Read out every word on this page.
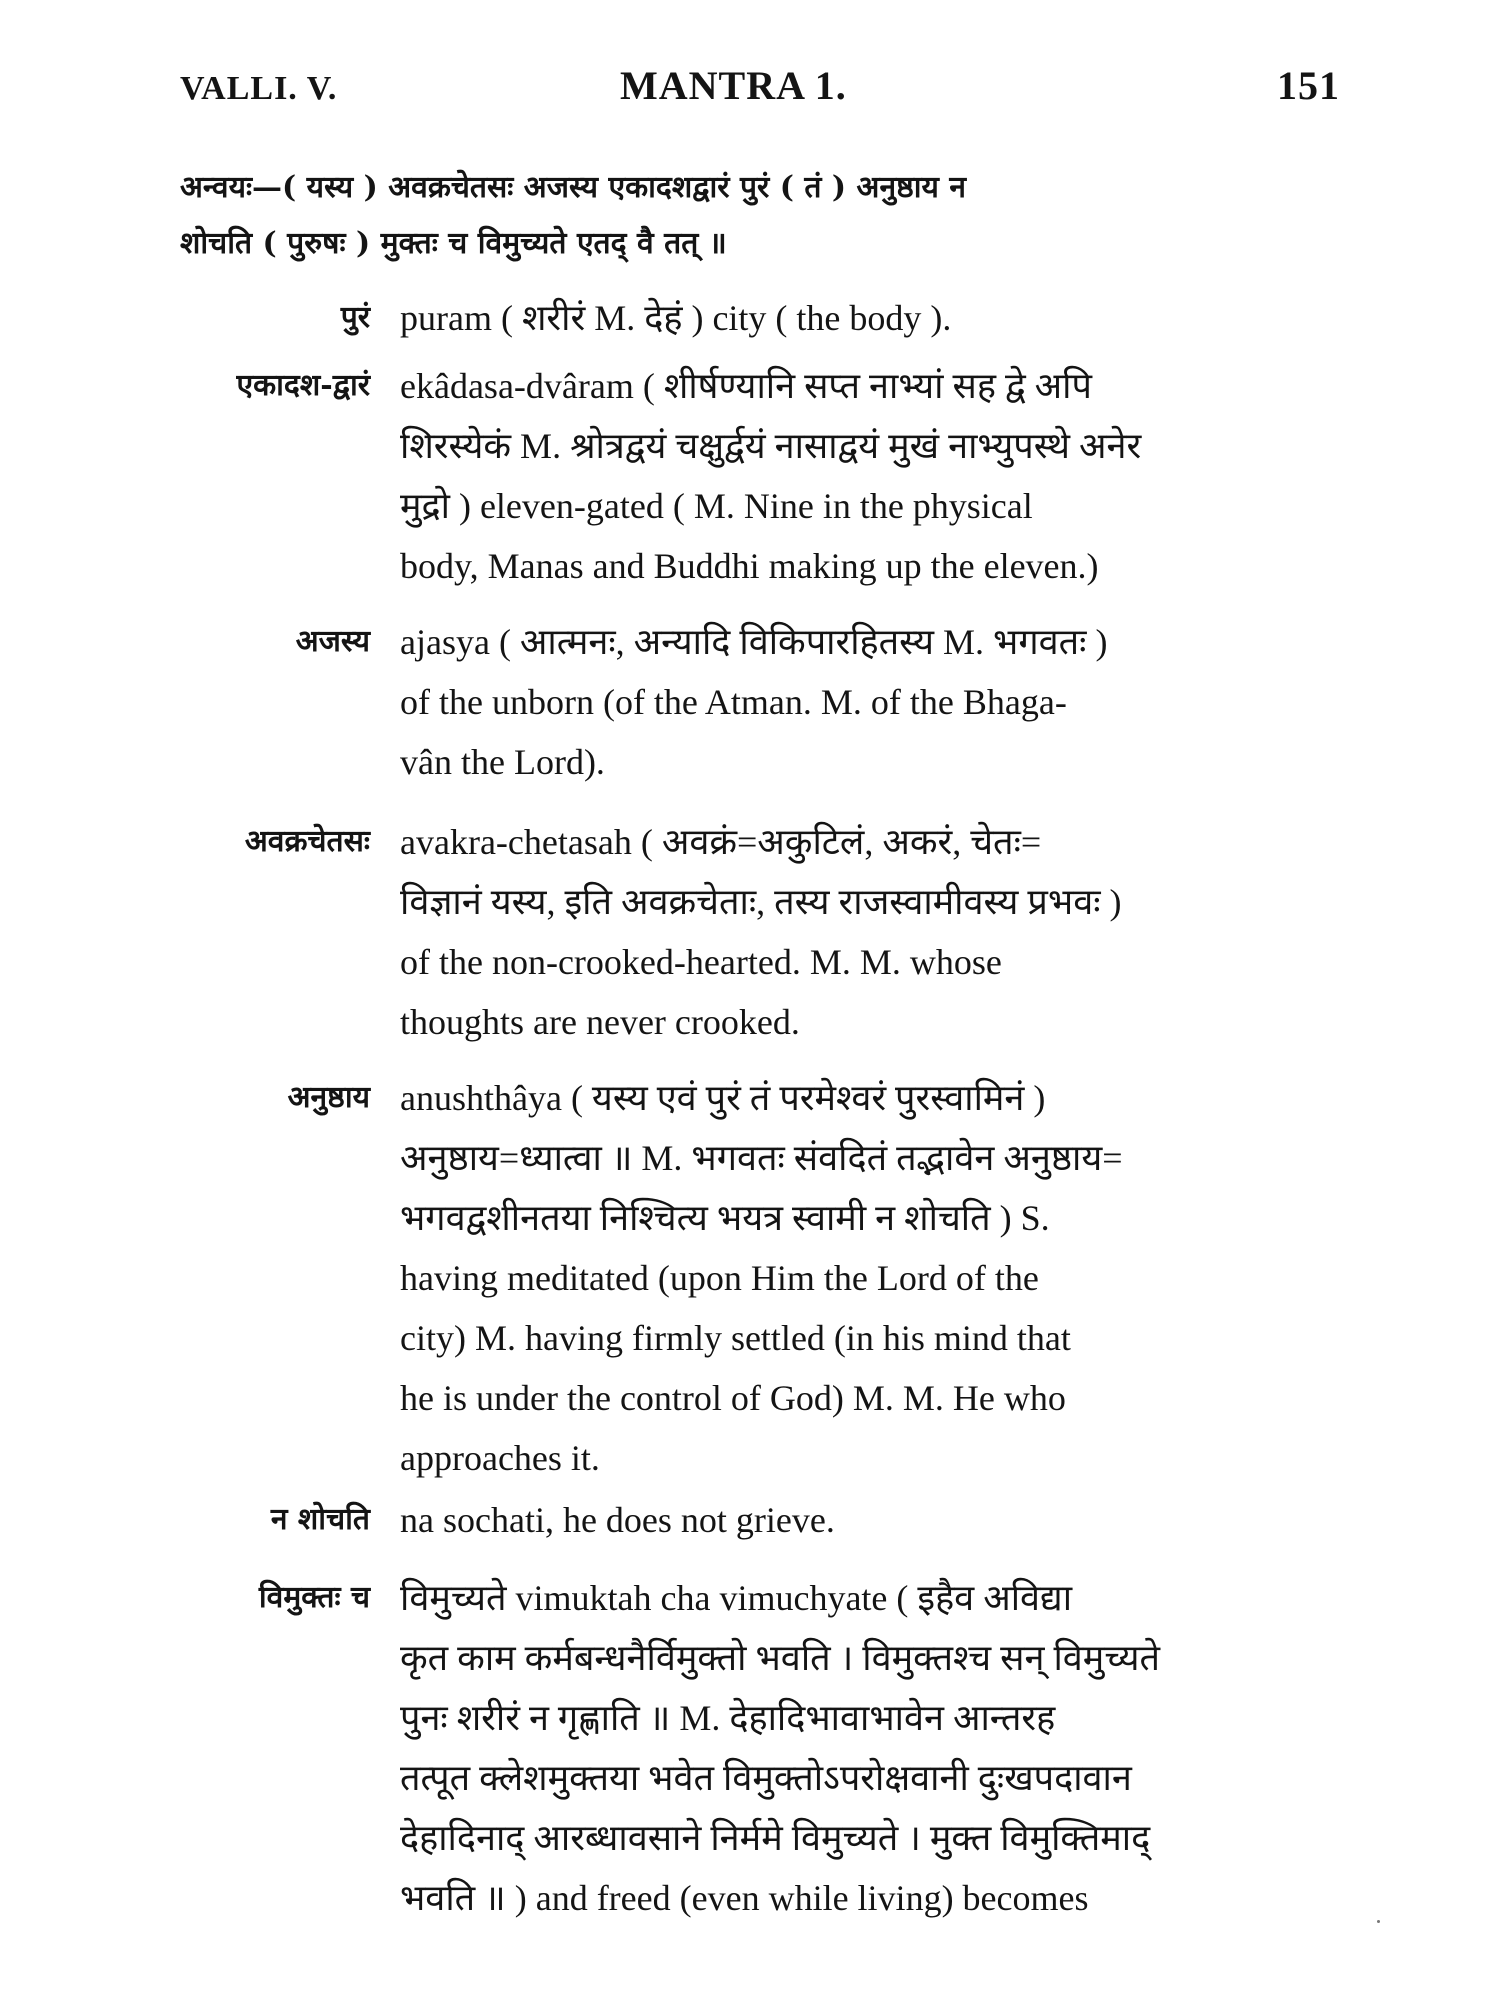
VALLI. V.	MANTRA 1.	151
अन्वयः—( यस्य ) अवक्रचेतसः अजस्य एकादशद्वारं पुरं ( तं ) अनुष्ठाय न
शोचति ( पुरुषः ) मुक्तः च विमुच्यते एतद् वै तत् ॥
पुरं puram ( शरीरं M. देहं ) city ( the body ).
एकादश-द्वारं ekâdasa-dvâram ( शीर्षण्यानि सप्त नाभ्यां सह द्वे अपि
शिरस्येकं M. श्रोत्रद्वयं चक्षुर्द्वयं नासाद्वयं मुखं नाभ्युपस्थे अनेर
मुद्रो ) eleven-gated ( M. Nine in the physical
body, Manas and Buddhi making up the eleven.)
अजस्य ajasya ( आत्मनः, अन्यादि विकिपारहितस्य M. भगवतः )
of the unborn (of the Atman. M. of the Bhaga-
vân the Lord).
अवक्रचेतसः avakra-chetasah ( अवक्रं=अकुटिलं, अकरं, चेतः=
विज्ञानं यस्य, इति अवक्रचेताः, तस्य राजस्वामीवस्य प्रभवः )
of the non-crooked-hearted. M. M. whose
thoughts are never crooked.
अनुष्ठाय anushthâya ( यस्य एवं पुरं तं परमेश्वरं पुरस्वामिनं )
अनुष्ठाय=ध्यात्वा ॥ M. भगवतः संवदितं तद्भावेन अनुष्ठाय=
भगवद्वशीनतया निश्चित्य भयत्र स्वामी न शोचति ) S.
having meditated (upon Him the Lord of the
city) M. having firmly settled (in his mind that
he is under the control of God) M. M. He who
approaches it.
न शोचति na sochati, he does not grieve.
विमुक्तः च विमुच्यते vimuktah cha vimuchyate ( इहैव अविद्या
कृत काम कर्मबन्धनैर्विमुक्तो भवति । विमुक्तश्च सन् विमुच्यते
पुनः शरीरं न गृह्णाति ॥ M. देहादिभावाभावेन आन्तरह
तत्पूत क्लेशमुक्तया भवेत विमुक्तोऽपरोक्षवानी दुःखपदावान
देहादिनाद् आरब्धावसाने निर्ममे विमुच्यते । मुक्त विमुक्तिमाद्
भवति ॥ ) and freed (even while living) becomes
